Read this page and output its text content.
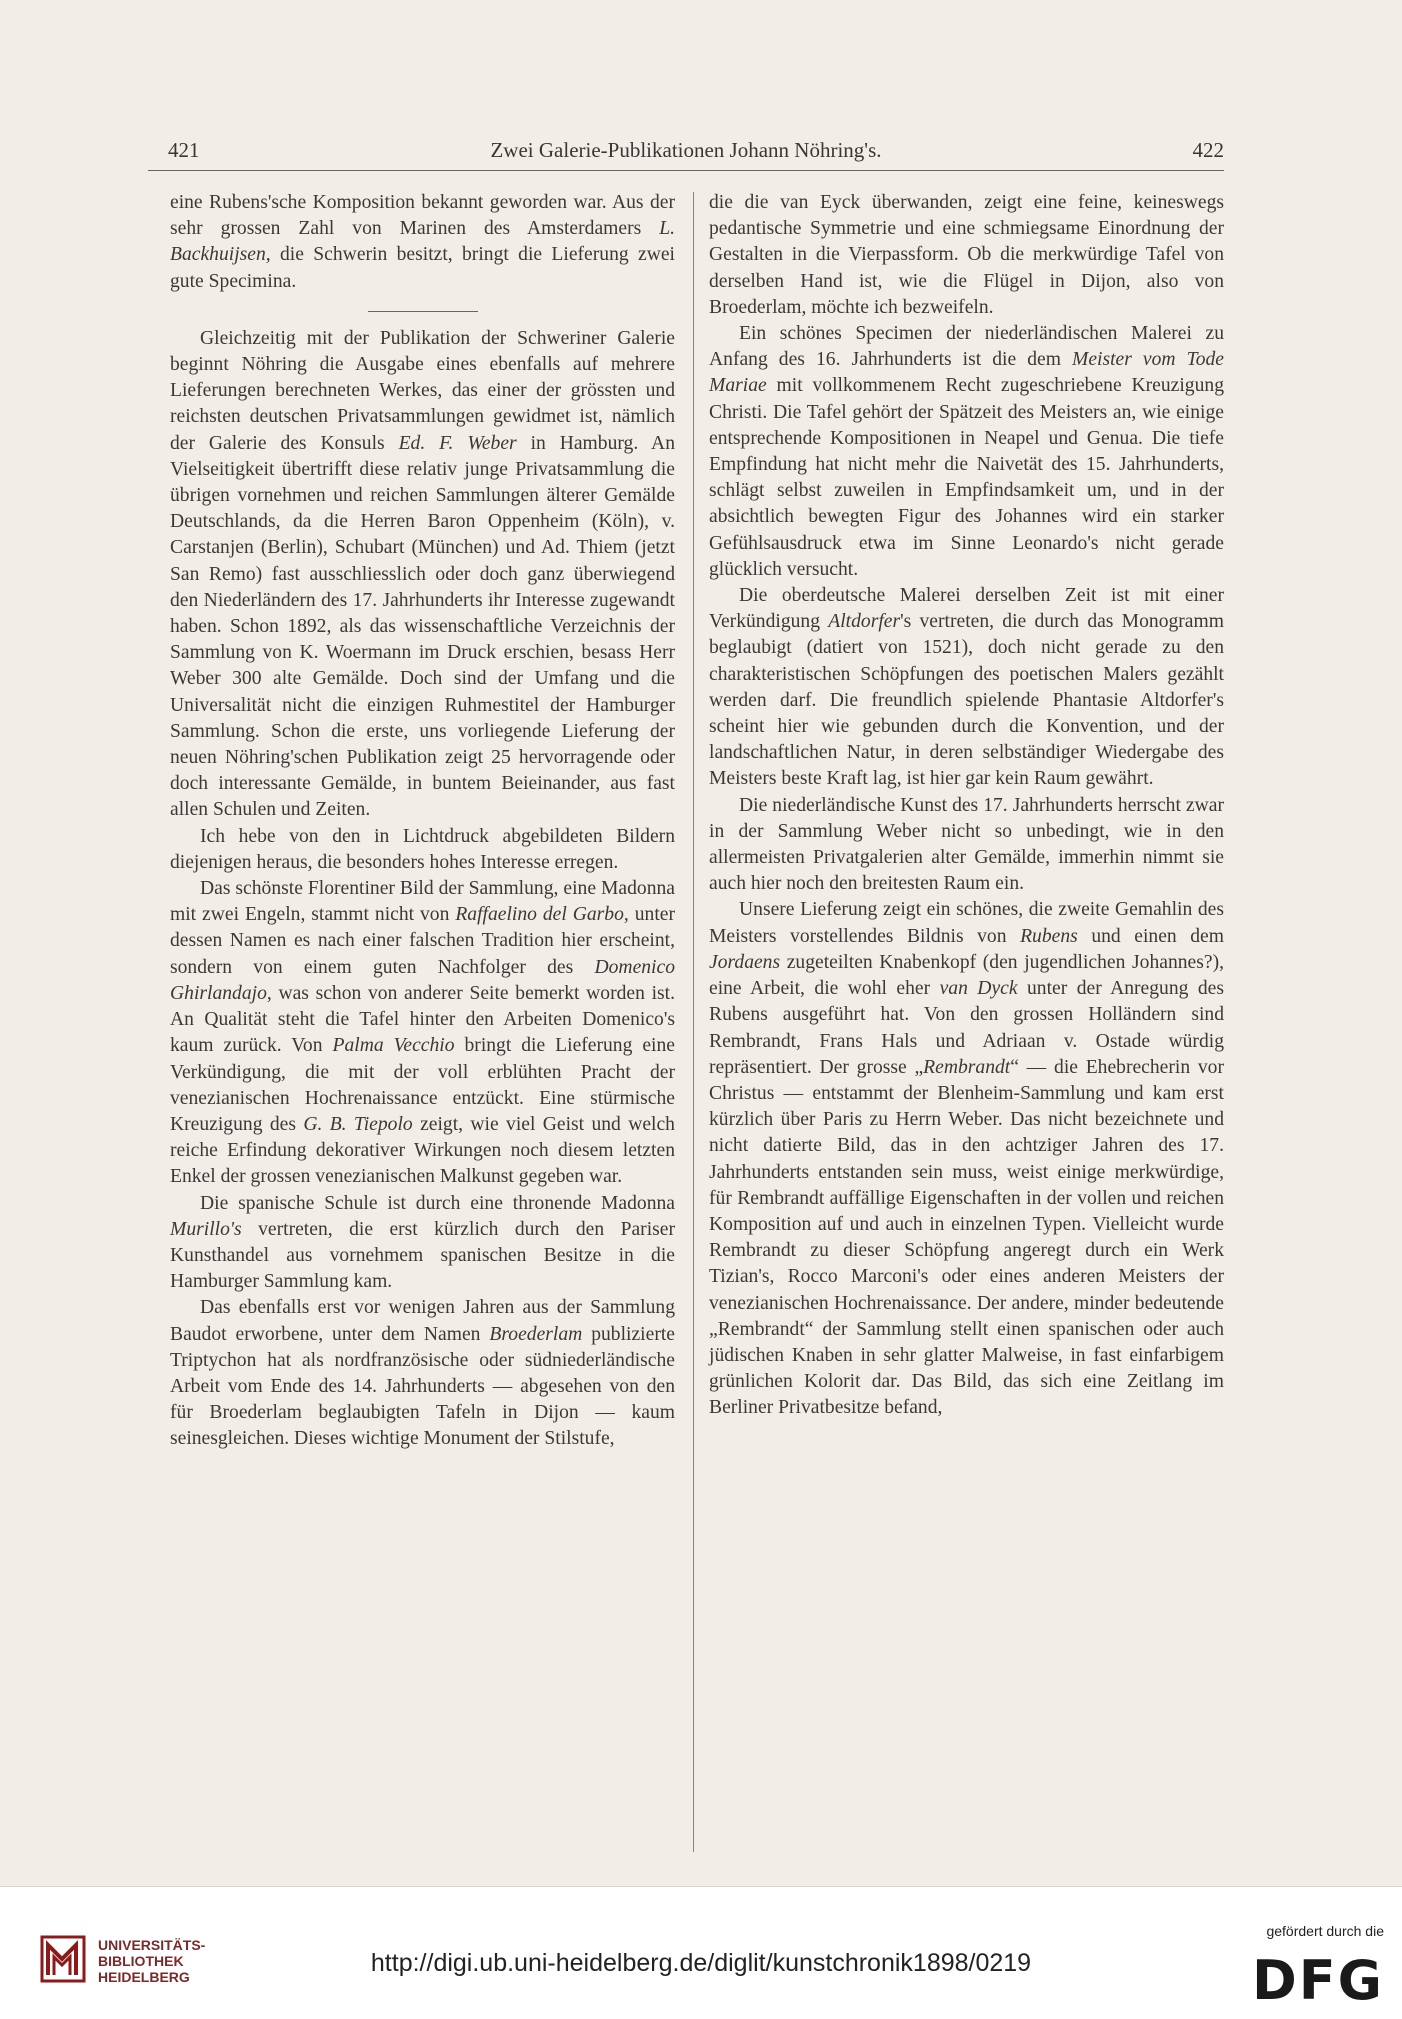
421	Zwei Galerie-Publikationen Johann Nöhring's.	422

eine Rubens'sche Komposition bekannt geworden war. Aus der sehr grossen Zahl von Marinen des Amsterdamers L. Backhuijsen, die Schwerin besitzt, bringt die Lieferung zwei gute Specimina.

Gleichzeitig mit der Publikation der Schweriner Galerie beginnt Nöhring die Ausgabe eines ebenfalls auf mehrere Lieferungen berechneten Werkes, das einer der grössten und reichsten deutschen Privatsammlungen gewidmet ist, nämlich der Galerie des Konsuls Ed. F. Weber in Hamburg. An Vielseitigkeit übertrifft diese relativ junge Privatsammlung die übrigen vornehmen und reichen Sammlungen älterer Gemälde Deutschlands, da die Herren Baron Oppenheim (Köln), v. Carstanjen (Berlin), Schubart (München) und Ad. Thiem (jetzt San Remo) fast ausschliesslich oder doch ganz überwiegend den Niederländern des 17. Jahrhunderts ihr Interesse zugewandt haben. Schon 1892, als das wissenschaftliche Verzeichnis der Sammlung von K. Woermann im Druck erschien, besass Herr Weber 300 alte Gemälde. Doch sind der Umfang und die Universalität nicht die einzigen Ruhmestitel der Hamburger Sammlung. Schon die erste, uns vorliegende Lieferung der neuen Nöhring'schen Publikation zeigt 25 hervorragende oder doch interessante Gemälde, in buntem Beieinander, aus fast allen Schulen und Zeiten.

Ich hebe von den in Lichtdruck abgebildeten Bildern diejenigen heraus, die besonders hohes Interesse erregen.

Das schönste Florentiner Bild der Sammlung, eine Madonna mit zwei Engeln, stammt nicht von Raffaelino del Garbo, unter dessen Namen es nach einer falschen Tradition hier erscheint, sondern von einem guten Nachfolger des Domenico Ghirlandajo, was schon von anderer Seite bemerkt worden ist. An Qualität steht die Tafel hinter den Arbeiten Domenico's kaum zurück. Von Palma Vecchio bringt die Lieferung eine Verkündigung, die mit der voll erblühten Pracht der venezianischen Hochrenaissance entzückt. Eine stürmische Kreuzigung des G. B. Tiepolo zeigt, wie viel Geist und welch reiche Erfindung dekorativer Wirkungen noch diesem letzten Enkel der grossen venezianischen Malkunst gegeben war.

Die spanische Schule ist durch eine thronende Madonna Murillo's vertreten, die erst kürzlich durch den Pariser Kunsthandel aus vornehmem spanischen Besitze in die Hamburger Sammlung kam.

Das ebenfalls erst vor wenigen Jahren aus der Sammlung Baudot erworbene, unter dem Namen Broederlam publizierte Triptychon hat als nordfranzösische oder südniederländische Arbeit vom Ende des 14. Jahrhunderts — abgesehen von den für Broederlam beglaubigten Tafeln in Dijon — kaum seinesgleichen. Dieses wichtige Monument der Stilstufe,

die die van Eyck überwanden, zeigt eine feine, keineswegs pedantische Symmetrie und eine schmiegsame Einordnung der Gestalten in die Vierpassform. Ob die merkwürdige Tafel von derselben Hand ist, wie die Flügel in Dijon, also von Broederlam, möchte ich bezweifeln.

Ein schönes Specimen der niederländischen Malerei zu Anfang des 16. Jahrhunderts ist die dem Meister vom Tode Mariae mit vollkommenem Recht zugeschriebene Kreuzigung Christi. Die Tafel gehört der Spätzeit des Meisters an, wie einige entsprechende Kompositionen in Neapel und Genua. Die tiefe Empfindung hat nicht mehr die Naivetät des 15. Jahrhunderts, schlägt selbst zuweilen in Empfindsamkeit um, und in der absichtlich bewegten Figur des Johannes wird ein starker Gefühlsausdruck etwa im Sinne Leonardo's nicht gerade glücklich versucht.

Die oberdeutsche Malerei derselben Zeit ist mit einer Verkündigung Altdorfer's vertreten, die durch das Monogramm beglaubigt (datiert von 1521), doch nicht gerade zu den charakteristischen Schöpfungen des poetischen Malers gezählt werden darf. Die freundlich spielende Phantasie Altdorfer's scheint hier wie gebunden durch die Konvention, und der landschaftlichen Natur, in deren selbständiger Wiedergabe des Meisters beste Kraft lag, ist hier gar kein Raum gewährt.

Die niederländische Kunst des 17. Jahrhunderts herrscht zwar in der Sammlung Weber nicht so unbedingt, wie in den allermeisten Privatgalerien alter Gemälde, immerhin nimmt sie auch hier noch den breitesten Raum ein.

Unsere Lieferung zeigt ein schönes, die zweite Gemahlin des Meisters vorstellendes Bildnis von Rubens und einen dem Jordaens zugeteilten Knabenkopf (den jugendlichen Johannes?), eine Arbeit, die wohl eher van Dyck unter der Anregung des Rubens ausgeführt hat. Von den grossen Holländern sind Rembrandt, Frans Hals und Adriaan v. Ostade würdig repräsentiert. Der grosse „Rembrandt“ — die Ehebrecherin vor Christus — entstammt der Blenheim-Sammlung und kam erst kürzlich über Paris zu Herrn Weber. Das nicht bezeichnete und nicht datierte Bild, das in den achtziger Jahren des 17. Jahrhunderts entstanden sein muss, weist einige merkwürdige, für Rembrandt auffällige Eigenschaften in der vollen und reichen Komposition auf und auch in einzelnen Typen. Vielleicht wurde Rembrandt zu dieser Schöpfung angeregt durch ein Werk Tizian's, Rocco Marconi's oder eines anderen Meisters der venezianischen Hochrenaissance. Der andere, minder bedeutende „Rembrandt“ der Sammlung stellt einen spanischen oder auch jüdischen Knaben in sehr glatter Malweise, in fast einfarbigem grünlichen Kolorit dar. Das Bild, das sich eine Zeitlang im Berliner Privatbesitze befand,

UNIVERSITÄTS-
BIBLIOTHEK
HEIDELBERG	http://digi.ub.uni-heidelberg.de/diglit/kunstchronik1898/0219
gefördert durch die
DFG
